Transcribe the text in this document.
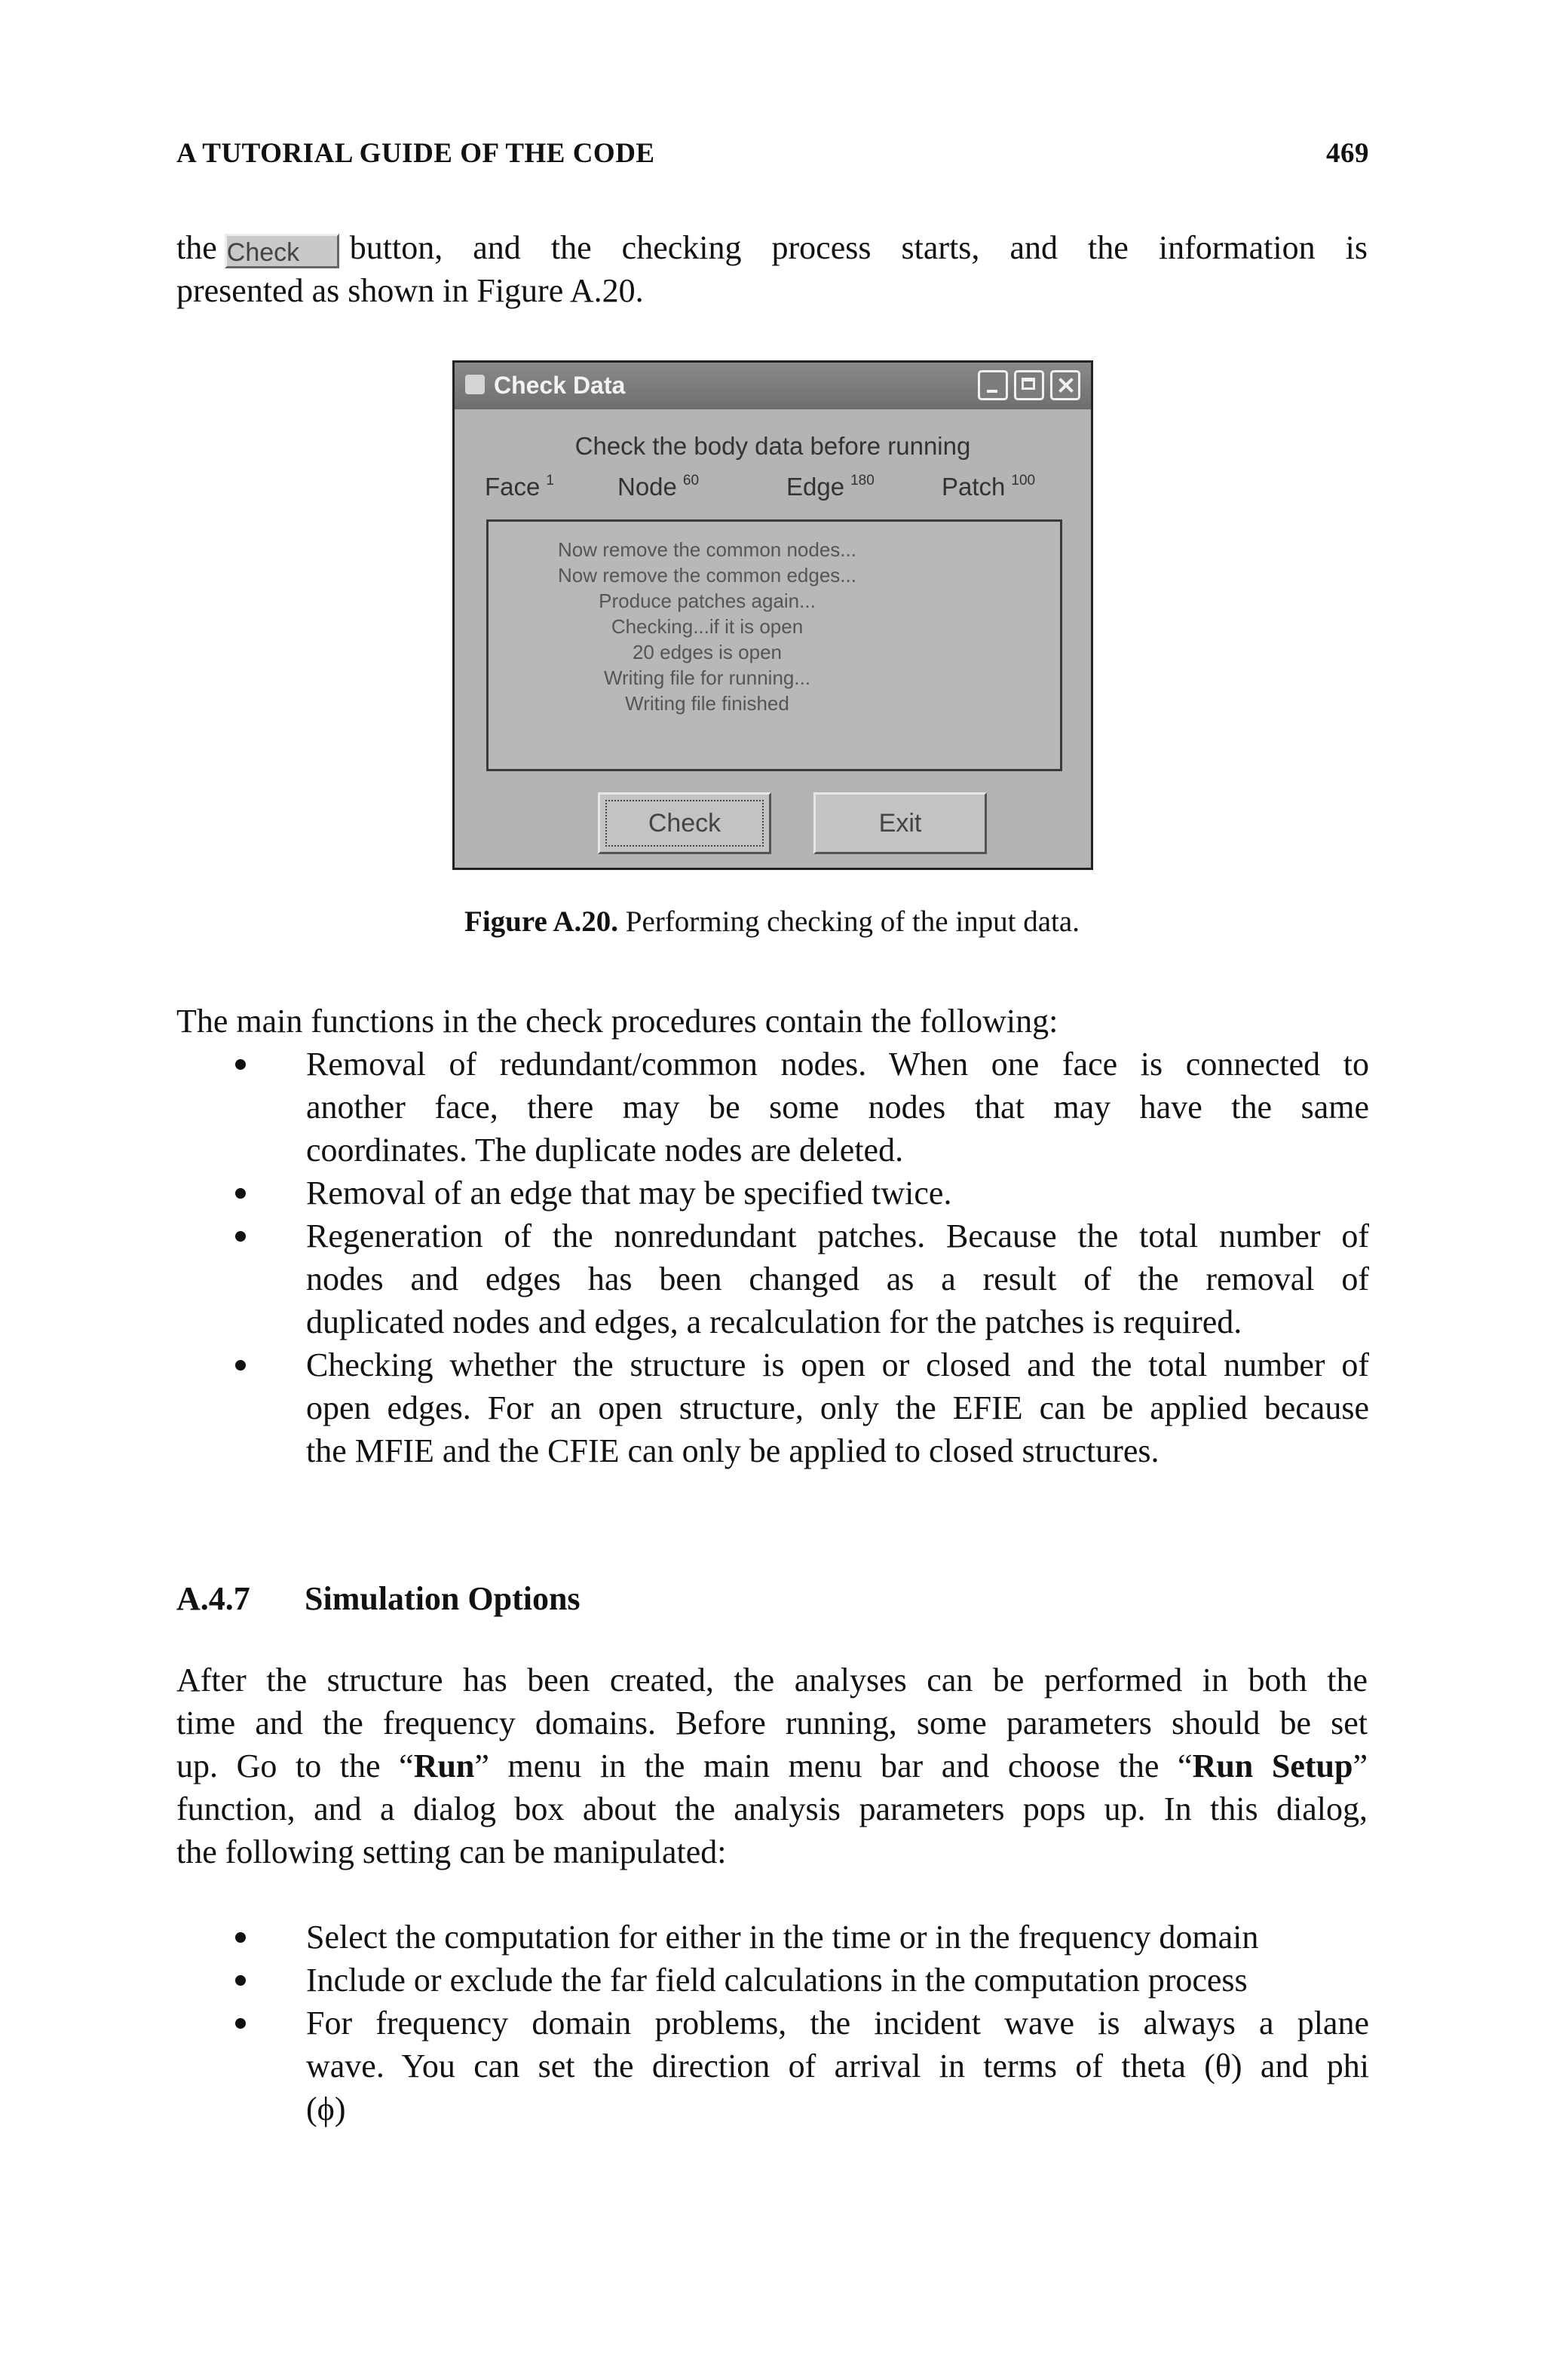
A TUTORIAL GUIDE OF THE CODE	469
the Check button, and the checking process starts, and the information is
presented as shown in Figure A.20.
Check Data
Check the body data before running
Face $^1$	Node $^{60}$	Edge $^{180}$	Patch $^{100}$
Now remove the common nodes...
Now remove the common edges...
Produce patches again...
Checking...if it is open
20 edges is open
Writing file for running...
Writing file finished
Check	Exit
Figure A.20. Performing checking of the input data.
The main functions in the check procedures contain the following:
Removal of redundant/common nodes. When one face is connected to
another face, there may be some nodes that may have the same
coordinates. The duplicate nodes are deleted.
Removal of an edge that may be specified twice.
Regeneration of the nonredundant patches. Because the total number of
nodes and edges has been changed as a result of the removal of
duplicated nodes and edges, a recalculation for the patches is required.
Checking whether the structure is open or closed and the total number of
open edges. For an open structure, only the EFIE can be applied because
the MFIE and the CFIE can only be applied to closed structures.
A.4.7 Simulation Options
After the structure has been created, the analyses can be performed in both the
time and the frequency domains. Before running, some parameters should be set
up. Go to the “Run” menu in the main menu bar and choose the “Run Setup”
function, and a dialog box about the analysis parameters pops up. In this dialog,
the following setting can be manipulated:
Select the computation for either in the time or in the frequency domain
Include or exclude the far field calculations in the computation process
For frequency domain problems, the incident wave is always a plane
wave. You can set the direction of arrival in terms of theta (θ) and phi
(ϕ)
